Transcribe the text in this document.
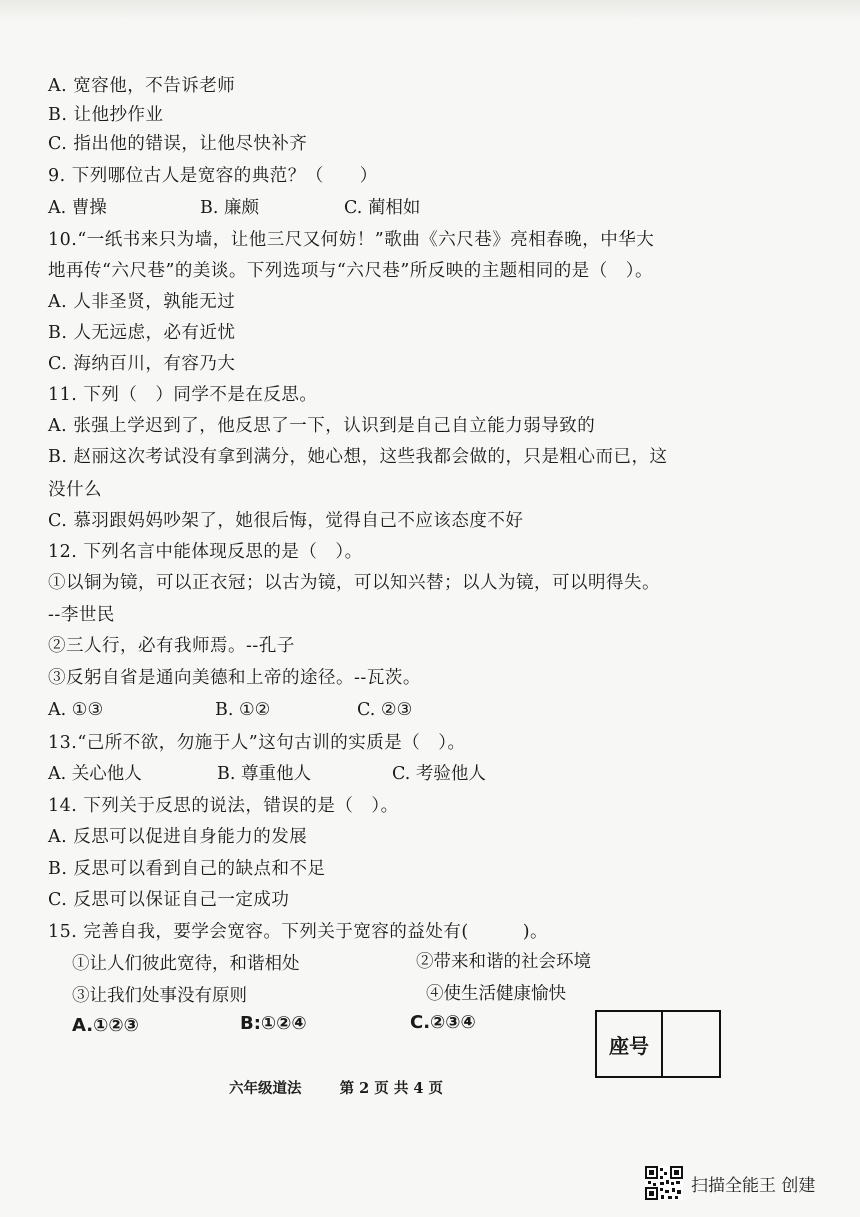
A. 宽容他，不告诉老师
B. 让他抄作业
C. 指出他的错误，让他尽快补齐
9. 下列哪位古人是宽容的典范？（　　）
A. 曹操	B. 廉颇	C. 蔺相如
10.“一纸书来只为墙，让他三尺又何妨！”歌曲《六尺巷》亮相春晚，中华大
地再传“六尺巷”的美谈。下列选项与“六尺巷”所反映的主题相同的是（　）。
A. 人非圣贤，孰能无过
B. 人无远虑，必有近忧
C. 海纳百川，有容乃大
11. 下列（　）同学不是在反思。
A. 张强上学迟到了，他反思了一下，认识到是自己自立能力弱导致的
B. 赵丽这次考试没有拿到满分，她心想，这些我都会做的，只是粗心而已，这
没什么
C. 慕羽跟妈妈吵架了，她很后悔，觉得自己不应该态度不好
12. 下列名言中能体现反思的是（　）。
①以铜为镜，可以正衣冠；以古为镜，可以知兴替；以人为镜，可以明得失。
--李世民
②三人行，必有我师焉。--孔子
③反躬自省是通向美德和上帝的途径。--瓦茨。
A. ①③	B. ①②	C. ②③
13.“己所不欲，勿施于人”这句古训的实质是（　）。
A. 关心他人	B. 尊重他人	C. 考验他人
14. 下列关于反思的说法，错误的是（　）。
A. 反思可以促进自身能力的发展
B. 反思可以看到自己的缺点和不足
C. 反思可以保证自己一定成功
15. 完善自我，要学会宽容。下列关于宽容的益处有(　　　)。
①让人们彼此宽待，和谐相处	②带来和谐的社会环境
③让我们处事没有原则	④使生活健康愉快
A.①②③	B:①②④	C.②③④
座号
六年级道法	第 2 页 共 4 页
扫描全能王 创建
